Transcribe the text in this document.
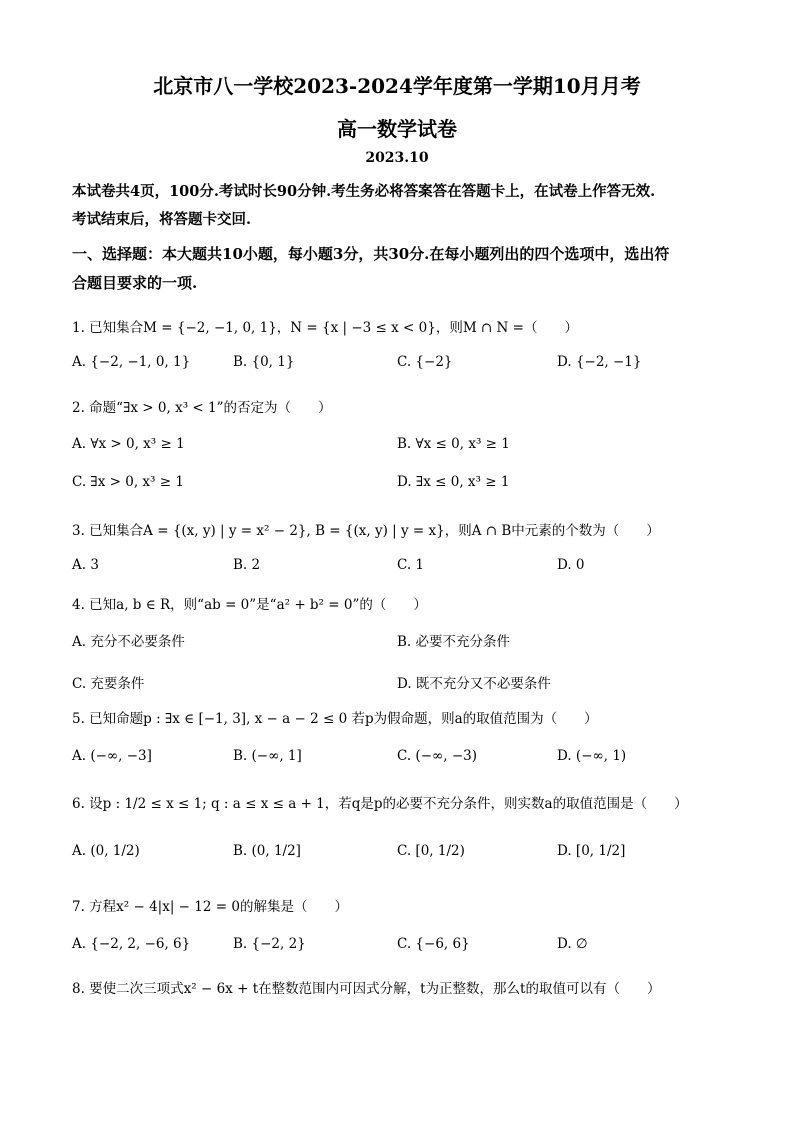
北京市八一学校2023-2024学年度第一学期10月月考
高一数学试卷
2023.10
本试卷共4页，100分.考试时长90分钟.考生务必将答案答在答题卡上，在试卷上作答无效.
考试结束后，将答题卡交回.
一、选择题：本大题共10小题，每小题3分，共30分.在每小题列出的四个选项中，选出符
合题目要求的一项.
1. 已知集合M = {−2, −1, 0, 1}，N = {x | −3 ≤ x < 0}，则M ∩ N =（　　）
A. {−2, −1, 0, 1}	B. {0, 1}	C. {−2}	D. {−2, −1}
2. 命题“∃x > 0, x³ < 1”的否定为（　　）
A. ∀x > 0, x³ ≥ 1	B. ∀x ≤ 0, x³ ≥ 1
C. ∃x > 0, x³ ≥ 1	D. ∃x ≤ 0, x³ ≥ 1
3. 已知集合A = {(x, y) | y = x² − 2}, B = {(x, y) | y = x}，则A ∩ B中元素的个数为（　　）
A. 3	B. 2	C. 1	D. 0
4. 已知a, b ∈ R，则“ab = 0”是“a² + b² = 0”的（　　）
A. 充分不必要条件	B. 必要不充分条件
C. 充要条件	D. 既不充分又不必要条件
5. 已知命题p : ∃x ∈ [−1, 3], x − a − 2 ≤ 0 若p为假命题，则a的取值范围为（　　）
A. (−∞, −3]	B. (−∞, 1]	C. (−∞, −3)	D. (−∞, 1)
6. 设p : 1/2 ≤ x ≤ 1; q : a ≤ x ≤ a + 1，若q是p的必要不充分条件，则实数a的取值范围是（　　）
A. (0, 1/2)	B. (0, 1/2]	C. [0, 1/2)	D. [0, 1/2]
7. 方程x² − 4|x| − 12 = 0的解集是（　　）
A. {−2, 2, −6, 6}	B. {−2, 2}	C. {−6, 6}	D. ∅
8. 要使二次三项式x² − 6x + t在整数范围内可因式分解，t为正整数，那么t的取值可以有（　　）
